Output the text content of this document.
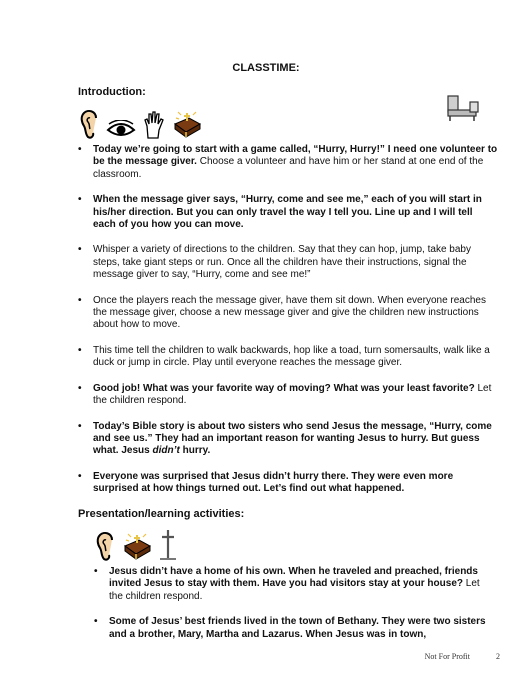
CLASSTIME:
Introduction:
• Today we’re going to start with a game called, “Hurry, Hurry!” I need one volunteer to be the message giver. Choose a volunteer and have him or her stand at one end of the classroom.
• When the message giver says, “Hurry, come and see me,” each of you will start in his/her direction. But you can only travel the way I tell you. Line up and I will tell each of you how you can move.
• Whisper a variety of directions to the children. Say that they can hop, jump, take baby steps, take giant steps or run. Once all the children have their instructions, signal the message giver to say, “Hurry, come and see me!”
• Once the players reach the message giver, have them sit down. When everyone reaches the message giver, choose a new message giver and give the children new instructions about how to move.
• This time tell the children to walk backwards, hop like a toad, turn somersaults, walk like a duck or jump in circle. Play until everyone reaches the message giver.
• Good job! What was your favorite way of moving? What was your least favorite? Let the children respond.
• Today’s Bible story is about two sisters who send Jesus the message, “Hurry, come and see us.” They had an important reason for wanting Jesus to hurry. But guess what. Jesus didn’t hurry.
• Everyone was surprised that Jesus didn’t hurry there. They were even more surprised at how things turned out. Let’s find out what happened.
Presentation/learning activities:
• Jesus didn’t have a home of his own. When he traveled and preached, friends invited Jesus to stay with them. Have you had visitors stay at your house? Let the children respond.
• Some of Jesus’ best friends lived in the town of Bethany. They were two sisters and a brother, Mary, Martha and Lazarus. When Jesus was in town,
Not For Profit	2
